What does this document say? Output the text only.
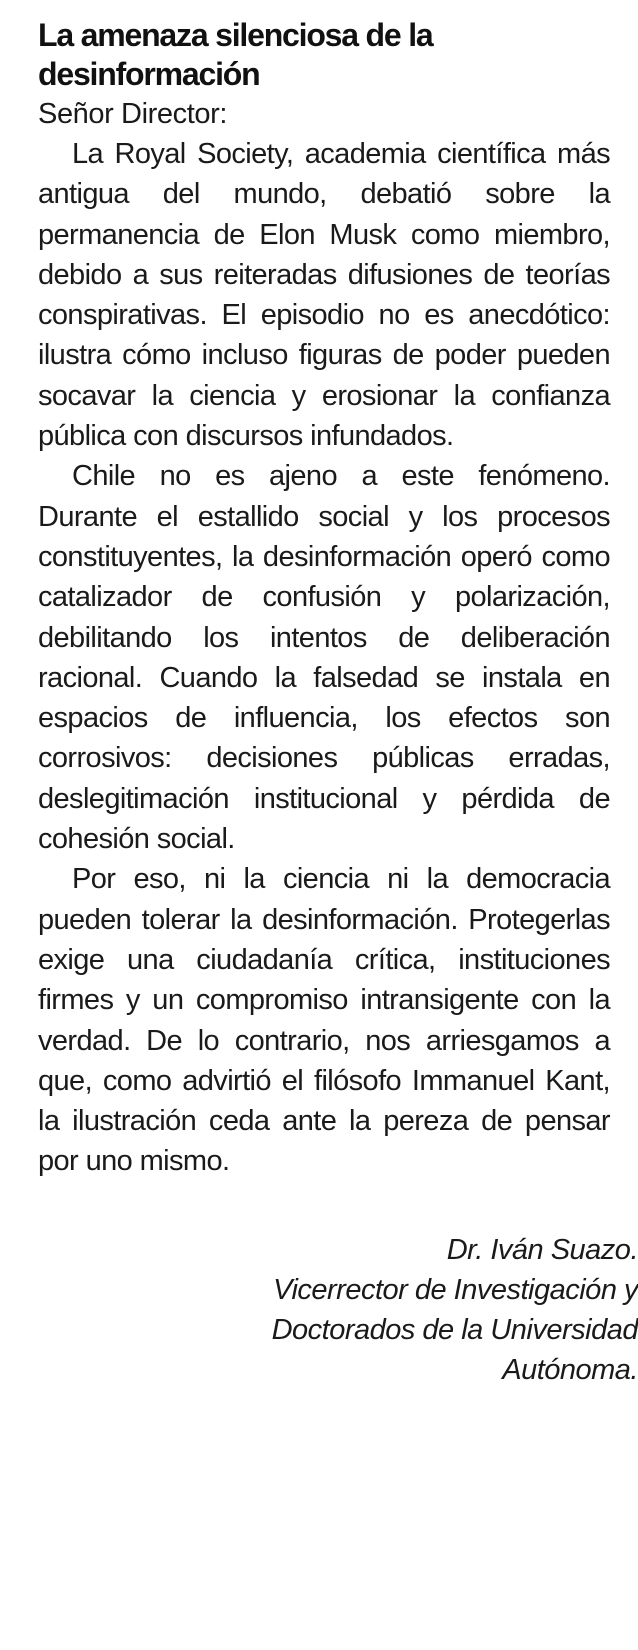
La amenaza silenciosa de la desinformación

Señor Director:

La Royal Society, academia científica más antigua del mundo, debatió sobre la permanencia de Elon Musk como miembro, debido a sus reiteradas difusiones de teorías conspirativas. El episodio no es anecdótico: ilustra cómo incluso figuras de poder pueden socavar la ciencia y erosionar la confianza pública con discursos infundados.

Chile no es ajeno a este fenómeno. Durante el estallido social y los procesos constituyentes, la desinformación operó como catalizador de confusión y polarización, debilitando los intentos de deliberación racional. Cuando la falsedad se instala en espacios de influencia, los efectos son corrosivos: decisiones públicas erradas, deslegitimación institucional y pérdida de cohesión social.

Por eso, ni la ciencia ni la democracia pueden tolerar la desinformación. Protegerlas exige una ciudadanía crítica, instituciones firmes y un compromiso intransigente con la verdad. De lo contrario, nos arriesgamos a que, como advirtió el filósofo Immanuel Kant, la ilustración ceda ante la pereza de pensar por uno mismo.

Dr. Iván Suazo.
Vicerrector de Investigación y
Doctorados de la Universidad
Autónoma.
